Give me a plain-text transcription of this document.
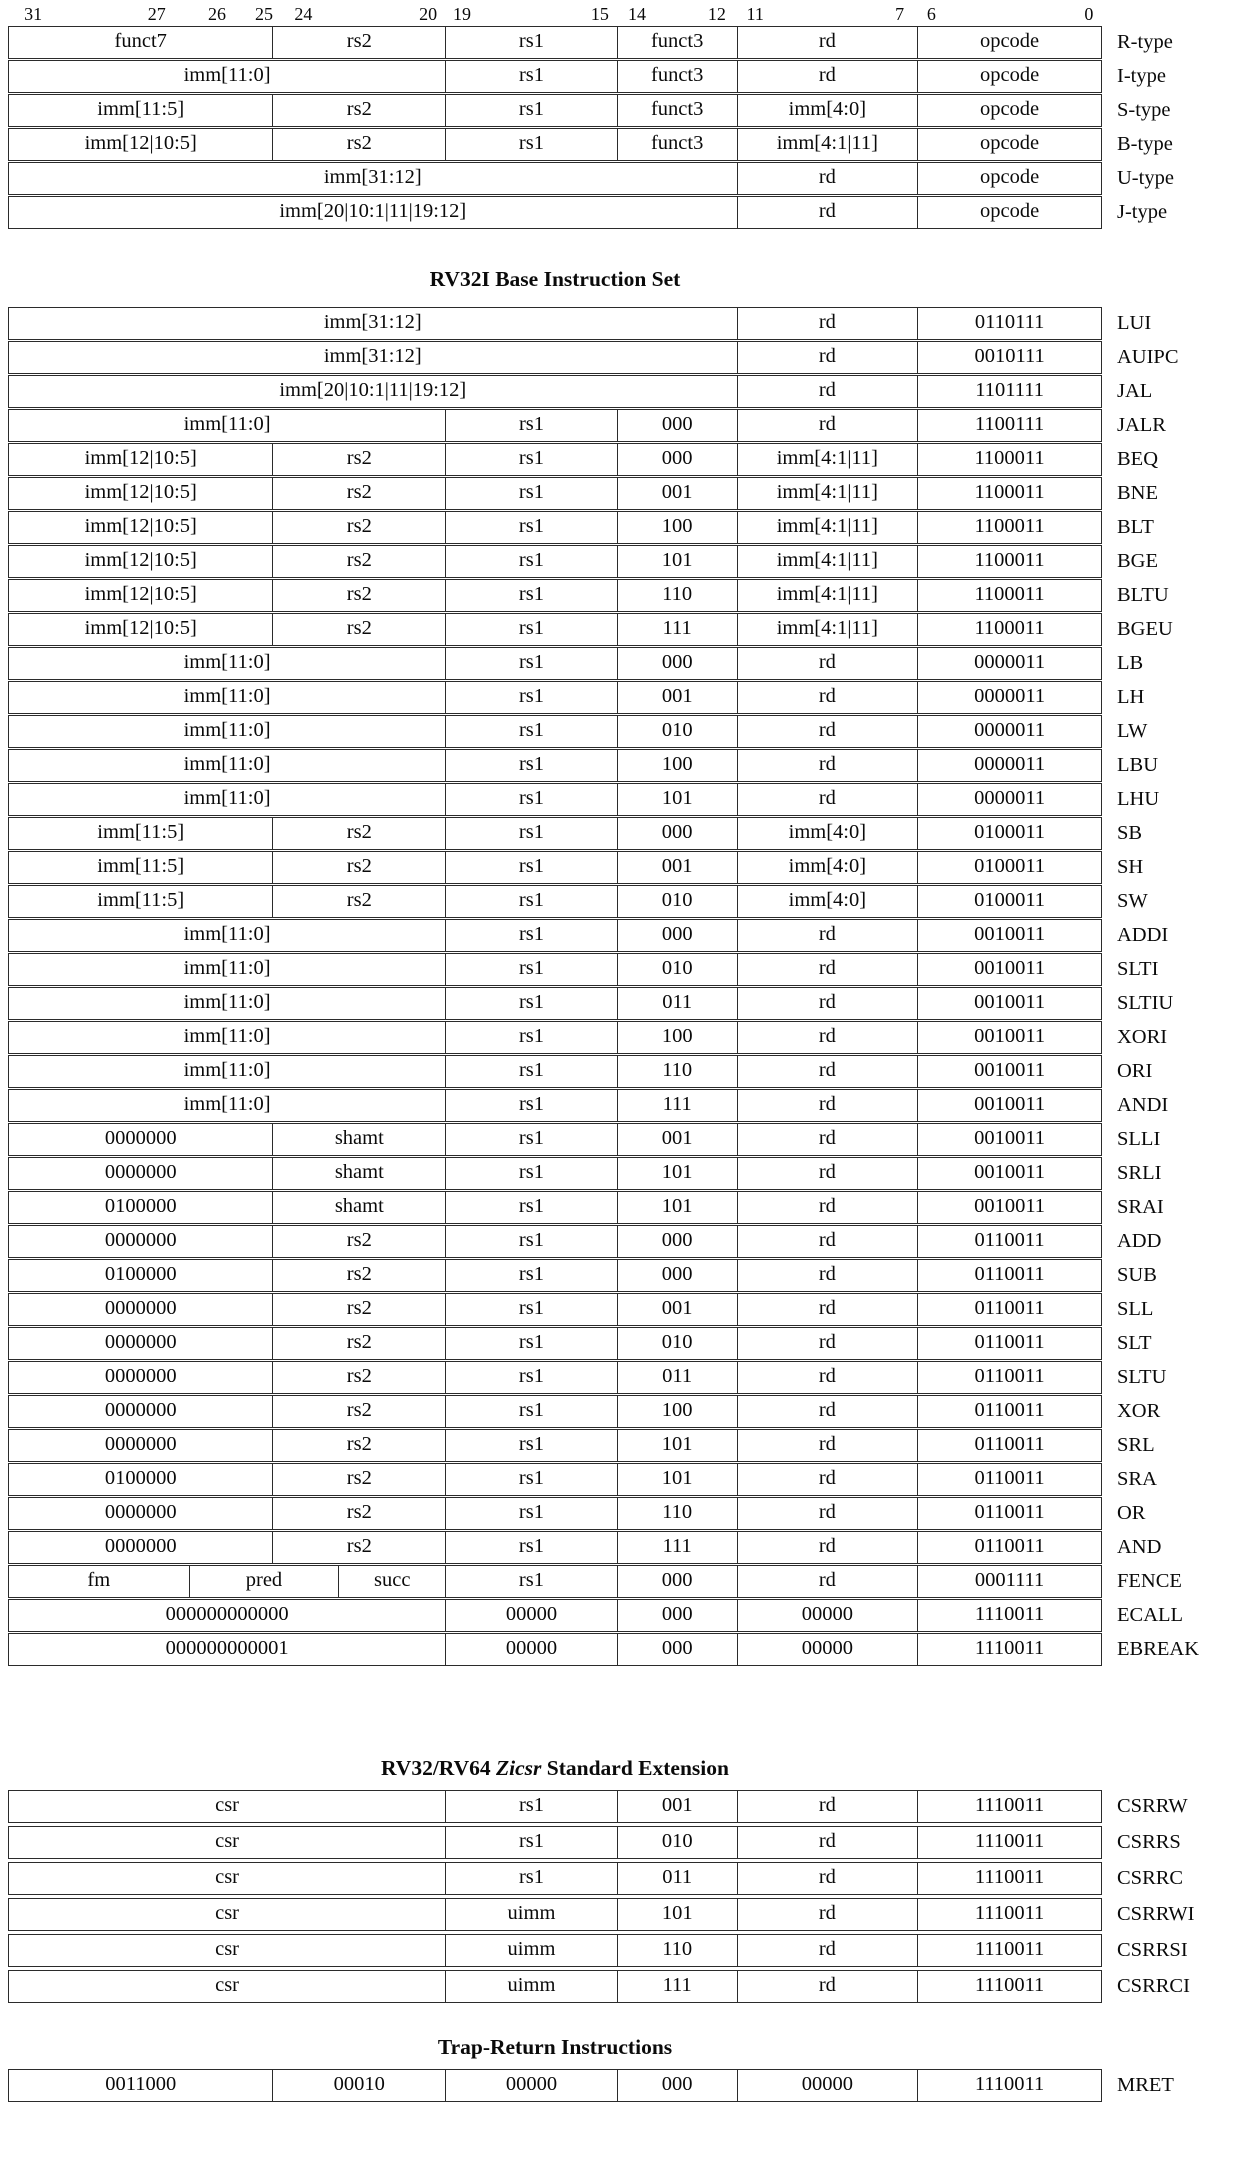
31	27 26 25 24	20 19	15 14	12 11	7 6	0
funct7	rs2	rs1	funct3	rd	opcode	R-type
imm[11:0]	rs1	funct3	rd	opcode	I-type
imm[11:5]	rs2	rs1	funct3	imm[4:0]	opcode	S-type
imm[12|10:5]	rs2	rs1	funct3	imm[4:1|11]	opcode	B-type
imm[31:12]	rd	opcode	U-type
imm[20|10:1|11|19:12]	rd	opcode	J-type
RV32I Base Instruction Set
imm[31:12]	rd	0110111	LUI
imm[31:12]	rd	0010111	AUIPC
imm[20|10:1|11|19:12]	rd	1101111	JAL
imm[11:0]	rs1	000	rd	1100111	JALR
imm[12|10:5]	rs2	rs1	000	imm[4:1|11]	1100011	BEQ
imm[12|10:5]	rs2	rs1	001	imm[4:1|11]	1100011	BNE
imm[12|10:5]	rs2	rs1	100	imm[4:1|11]	1100011	BLT
imm[12|10:5]	rs2	rs1	101	imm[4:1|11]	1100011	BGE
imm[12|10:5]	rs2	rs1	110	imm[4:1|11]	1100011	BLTU
imm[12|10:5]	rs2	rs1	111	imm[4:1|11]	1100011	BGEU
imm[11:0]	rs1	000	rd	0000011	LB
imm[11:0]	rs1	001	rd	0000011	LH
imm[11:0]	rs1	010	rd	0000011	LW
imm[11:0]	rs1	100	rd	0000011	LBU
imm[11:0]	rs1	101	rd	0000011	LHU
imm[11:5]	rs2	rs1	000	imm[4:0]	0100011	SB
imm[11:5]	rs2	rs1	001	imm[4:0]	0100011	SH
imm[11:5]	rs2	rs1	010	imm[4:0]	0100011	SW
imm[11:0]	rs1	000	rd	0010011	ADDI
imm[11:0]	rs1	010	rd	0010011	SLTI
imm[11:0]	rs1	011	rd	0010011	SLTIU
imm[11:0]	rs1	100	rd	0010011	XORI
imm[11:0]	rs1	110	rd	0010011	ORI
imm[11:0]	rs1	111	rd	0010011	ANDI
0000000	shamt	rs1	001	rd	0010011	SLLI
0000000	shamt	rs1	101	rd	0010011	SRLI
0100000	shamt	rs1	101	rd	0010011	SRAI
0000000	rs2	rs1	000	rd	0110011	ADD
0100000	rs2	rs1	000	rd	0110011	SUB
0000000	rs2	rs1	001	rd	0110011	SLL
0000000	rs2	rs1	010	rd	0110011	SLT
0000000	rs2	rs1	011	rd	0110011	SLTU
0000000	rs2	rs1	100	rd	0110011	XOR
0000000	rs2	rs1	101	rd	0110011	SRL
0100000	rs2	rs1	101	rd	0110011	SRA
0000000	rs2	rs1	110	rd	0110011	OR
0000000	rs2	rs1	111	rd	0110011	AND
fm	pred	succ	rs1	000	rd	0001111	FENCE
000000000000	00000	000	00000	1110011	ECALL
000000000001	00000	000	00000	1110011	EBREAK
RV32/RV64 Zicsr Standard Extension
csr	rs1	001	rd	1110011	CSRRW
csr	rs1	010	rd	1110011	CSRRS
csr	rs1	011	rd	1110011	CSRRC
csr	uimm	101	rd	1110011	CSRRWI
csr	uimm	110	rd	1110011	CSRRSI
csr	uimm	111	rd	1110011	CSRRCI
Trap-Return Instructions
0011000	00010	00000	000	00000	1110011	MRET
